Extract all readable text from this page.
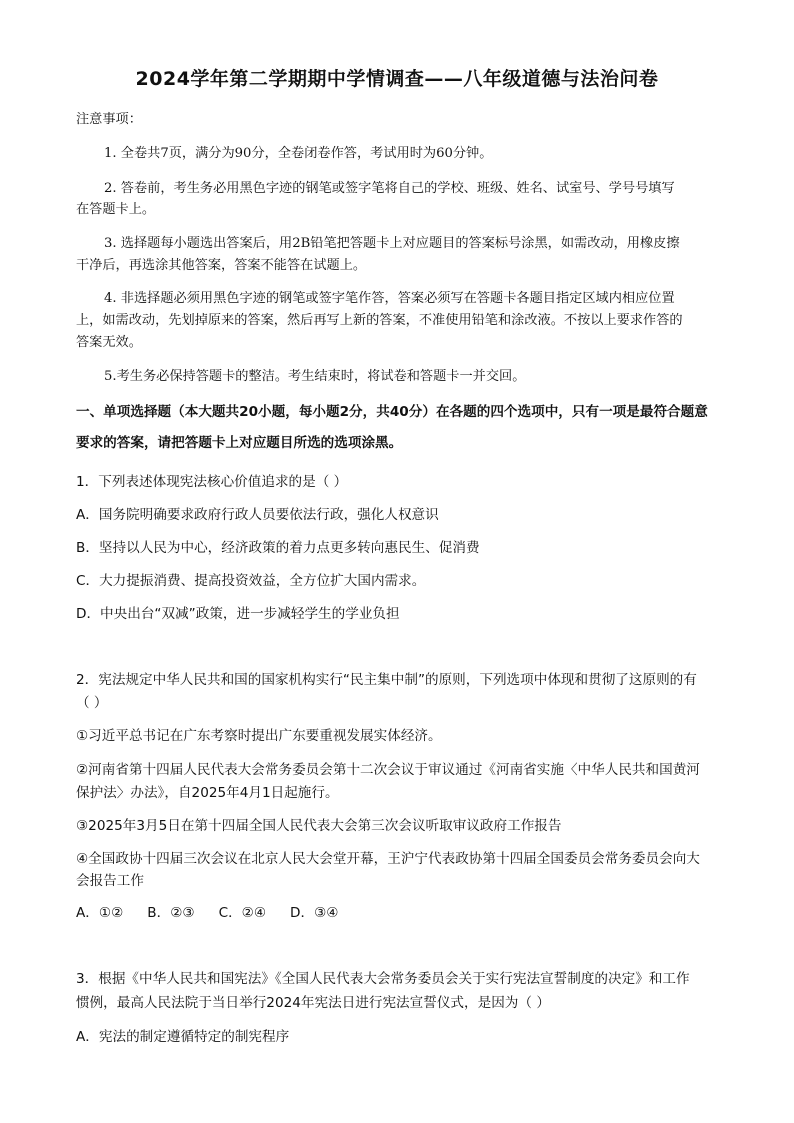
2024学年第二学期期中学情调查——八年级道德与法治问卷
注意事项：
1. 全卷共7页，满分为90分，全卷闭卷作答，考试用时为60分钟。
2. 答卷前，考生务必用黑色字迹的钢笔或签字笔将自己的学校、班级、姓名、试室号、学号号填写
在答题卡上。
3. 选择题每小题选出答案后，用2B铅笔把答题卡上对应题目的答案标号涂黑，如需改动，用橡皮擦
干净后，再选涂其他答案，答案不能答在试题上。
4. 非选择题必须用黑色字迹的钢笔或签字笔作答，答案必须写在答题卡各题目指定区域内相应位置
上，如需改动，先划掉原来的答案，然后再写上新的答案，不准使用铅笔和涂改液。不按以上要求作答的
答案无效。
5.考生务必保持答题卡的整洁。考生结束时，将试卷和答题卡一并交回。
一、单项选择题（本大题共20小题，每小题2分，共40分）在各题的四个选项中，只有一项是最符合题意
要求的答案，请把答题卡上对应题目所选的选项涂黑。
1．下列表述体现宪法核心价值追求的是（ ）
A．国务院明确要求政府行政人员要依法行政，强化人权意识
B．坚持以人民为中心，经济政策的着力点更多转向惠民生、促消费
C．大力提振消费、提高投资效益，全方位扩大国内需求。
D．中央出台“双减”政策，进一步减轻学生的学业负担
2．宪法规定中华人民共和国的国家机构实行“民主集中制”的原则，下列选项中体现和贯彻了这原则的有
（ ）
①习近平总书记在广东考察时提出广东要重视发展实体经济。
②河南省第十四届人民代表大会常务委员会第十二次会议于审议通过《河南省实施〈中华人民共和国黄河
保护法〉办法》，自2025年4月1日起施行。
③2025年3月5日在第十四届全国人民代表大会第三次会议听取审议政府工作报告
④全国政协十四届三次会议在北京人民大会堂开幕，王沪宁代表政协第十四届全国委员会常务委员会向大
会报告工作
A．①② B．②③ C．②④ D．③④
3．根据《中华人民共和国宪法》《全国人民代表大会常务委员会关于实行宪法宣誓制度的决定》和工作
惯例，最高人民法院于当日举行2024年宪法日进行宪法宣誓仪式，是因为（ ）
A．宪法的制定遵循特定的制宪程序
